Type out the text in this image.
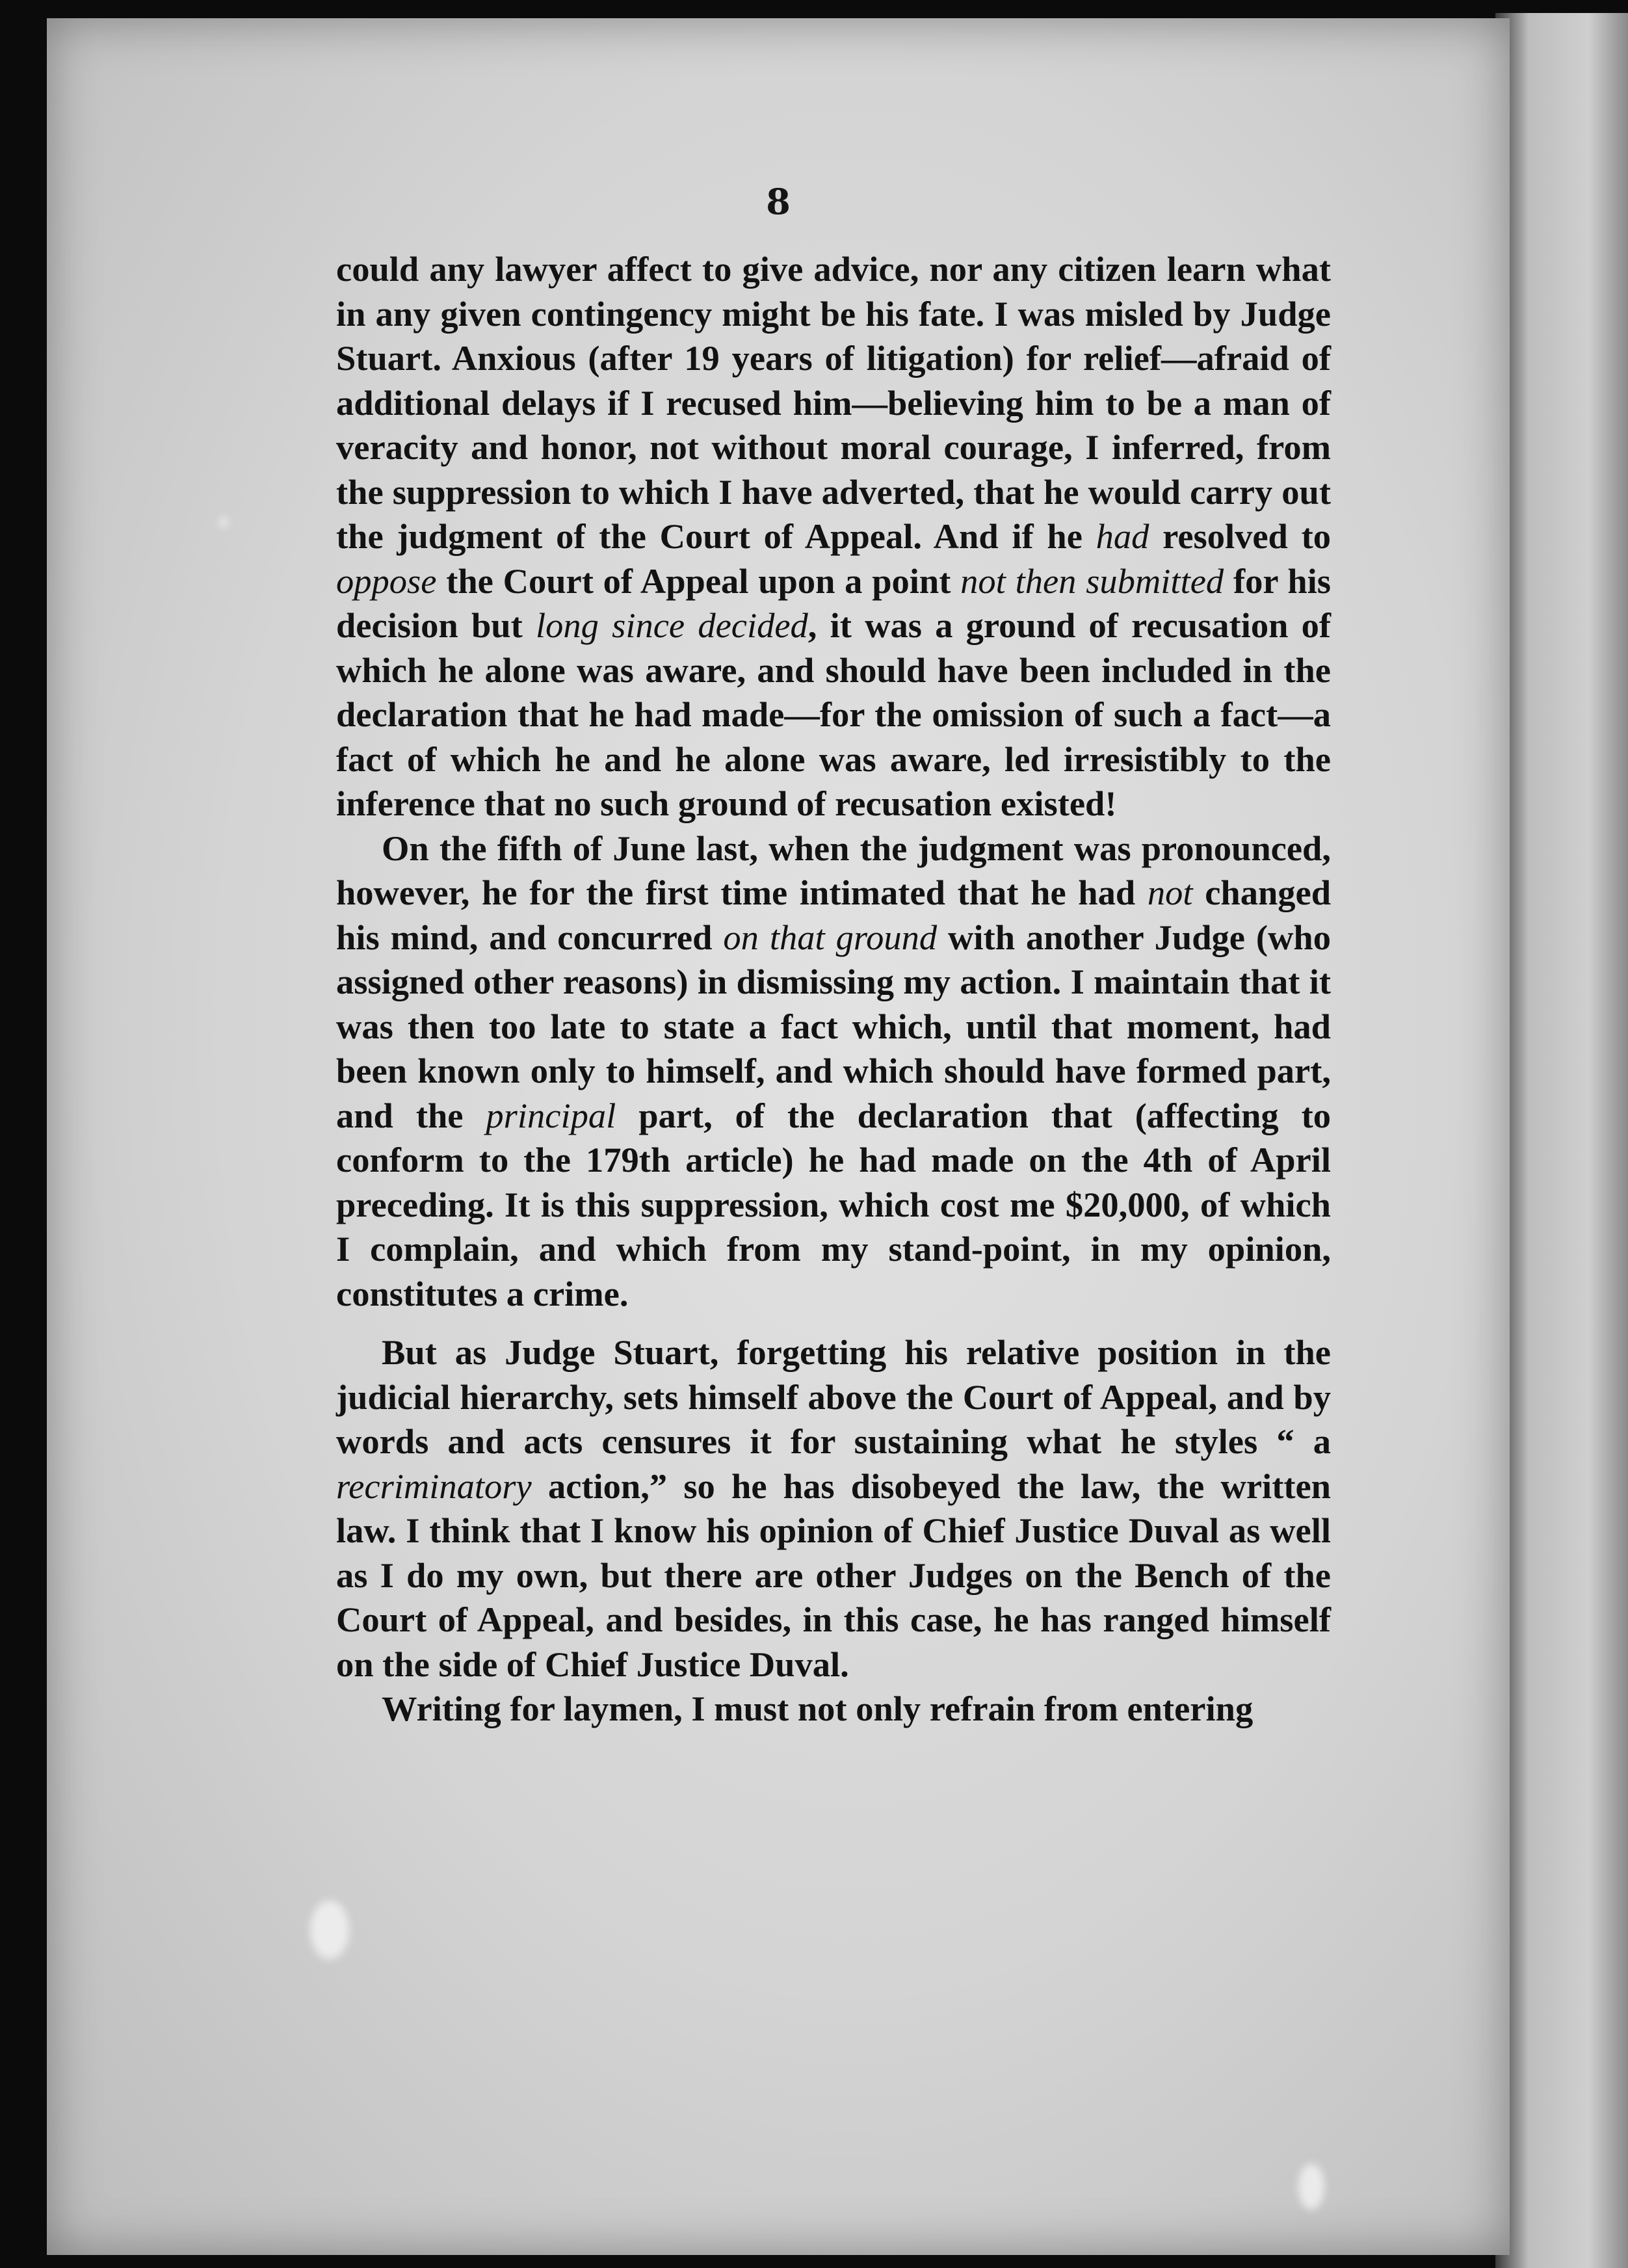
8

could any lawyer affect to give advice, nor any citizen learn what in any given contingency might be his fate. I was misled by Judge Stuart. Anxious (after 19 years of litigation) for relief—afraid of additional delays if I recused him—believing him to be a man of veracity and honor, not without moral courage, I inferred, from the suppression to which I have adverted, that he would carry out the judgment of the Court of Appeal. And if he had resolved to oppose the Court of Appeal upon a point not then submitted for his decision but long since decided, it was a ground of recusation of which he alone was aware, and should have been included in the declaration that he had made—for the omission of such a fact—a fact of which he and he alone was aware, led irresistibly to the inference that no such ground of recusation existed!

On the fifth of June last, when the judgment was pronounced, however, he for the first time intimated that he had not changed his mind, and concurred on that ground with another Judge (who assigned other reasons) in dismissing my action. I maintain that it was then too late to state a fact which, until that moment, had been known only to himself, and which should have formed part, and the principal part, of the declaration that (affecting to conform to the 179th article) he had made on the 4th of April preceding. It is this suppression, which cost me $20,000, of which I complain, and which from my stand-point, in my opinion, constitutes a crime.

But as Judge Stuart, forgetting his relative position in the judicial hierarchy, sets himself above the Court of Appeal, and by words and acts censures it for sustaining what he styles “ a recriminatory action,” so he has disobeyed the law, the written law. I think that I know his opinion of Chief Justice Duval as well as I do my own, but there are other Judges on the Bench of the Court of Appeal, and besides, in this case, he has ranged himself on the side of Chief Justice Duval.

Writing for laymen, I must not only refrain from entering
